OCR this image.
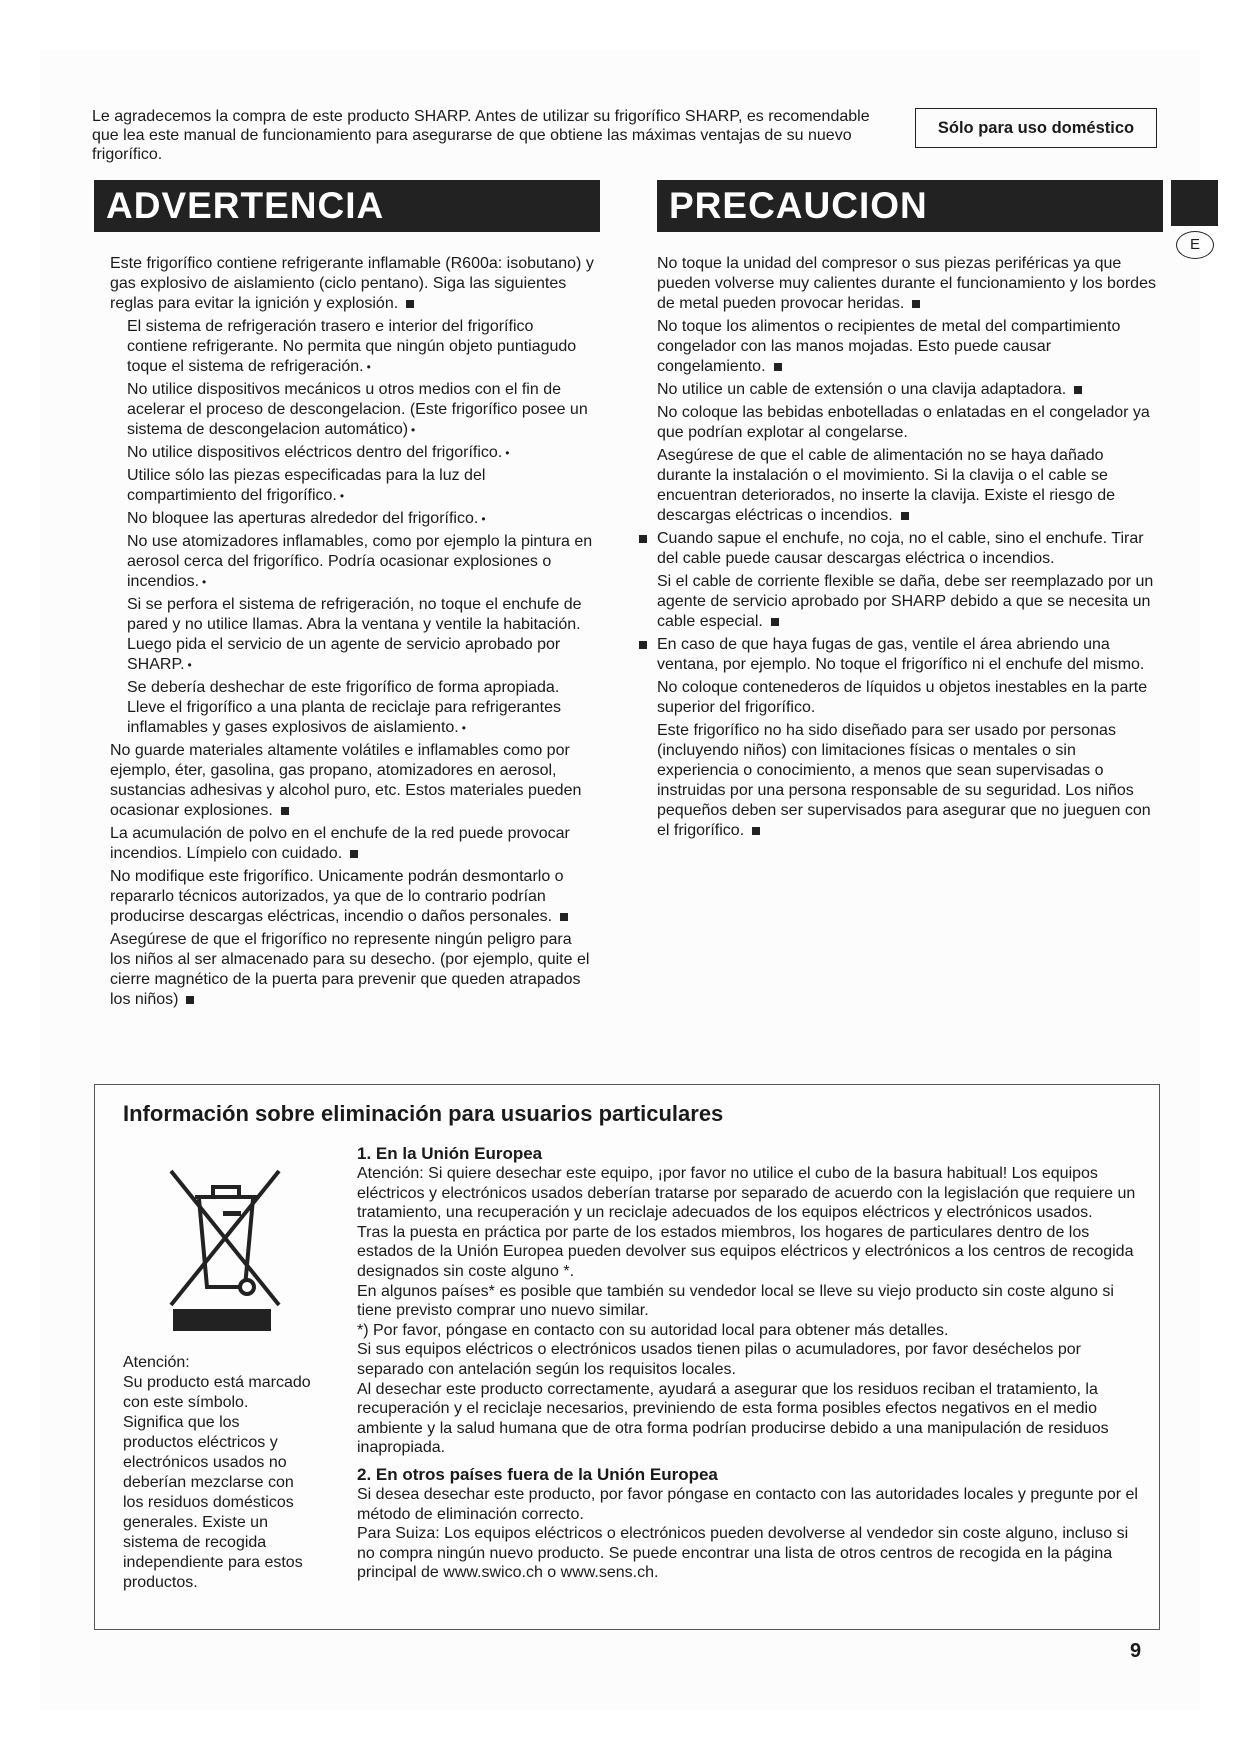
Le agradecemos la compra de este producto SHARP. Antes de utilizar su frigorífico SHARP, es recomendable que lea este manual de funcionamiento para asegurarse de que obtiene las máximas ventajas de su nuevo frigorífico.
Sólo para uso doméstico
ADVERTENCIA	PRECAUCION
E
Este frigorífico contiene refrigerante inflamable (R600a: isobutano) y gas explosivo de aislamiento (ciclo pentano). Siga las siguientes reglas para evitar la ignición y explosión.
El sistema de refrigeración trasero e interior del frigorífico contiene refrigerante. No permita que ningún objeto puntiagudo toque el sistema de refrigeración. •
No utilice dispositivos mecánicos u otros medios con el fin de acelerar el proceso de descongelacion. (Este frigorífico posee un sistema de descongelacion automático) •
No utilice dispositivos eléctricos dentro del frigorífico. •
Utilice sólo las piezas especificadas para la luz del compartimiento del frigorífico. •
No bloquee las aperturas alrededor del frigorífico. •
No use atomizadores inflamables, como por ejemplo la pintura en aerosol cerca del frigorífico. Podría ocasionar explosiones o incendios. •
Si se perfora el sistema de refrigeración, no toque el enchufe de pared y no utilice llamas. Abra la ventana y ventile la habitación. Luego pida el servicio de un agente de servicio aprobado por SHARP. •
Se debería deshechar de este frigorífico de forma apropiada. Lleve el frigorífico a una planta de reciclaje para refrigerantes inflamables y gases explosivos de aislamiento. •
No guarde materiales altamente volátiles e inflamables como por ejemplo, éter, gasolina, gas propano, atomizadores en aerosol, sustancias adhesivas y alcohol puro, etc. Estos materiales pueden ocasionar explosiones.
La acumulación de polvo en el enchufe de la red puede provocar incendios. Límpielo con cuidado.
No modifique este frigorífico. Unicamente podrán desmontarlo o repararlo técnicos autorizados, ya que de lo contrario podrían producirse descargas eléctricas, incendio o daños personales.
Asegúrese de que el frigorífico no represente ningún peligro para los niños al ser almacenado para su desecho. (por ejemplo, quite el cierre magnético de la puerta para prevenir que queden atrapados los niños)
No toque la unidad del compresor o sus piezas periféricas ya que pueden volverse muy calientes durante el funcionamiento y los bordes de metal pueden provocar heridas.
No toque los alimentos o recipientes de metal del compartimiento congelador con las manos mojadas. Esto puede causar congelamiento.
No utilice un cable de extensión o una clavija adaptadora.
No coloque las bebidas enbotelladas o enlatadas en el congelador ya que podrían explotar al congelarse.
Asegúrese de que el cable de alimentación no se haya dañado durante la instalación o el movimiento. Si la clavija o el cable se encuentran deteriorados, no inserte la clavija. Existe el riesgo de descargas eléctricas o incendios.
Cuando sapue el enchufe, no coja, no el cable, sino el enchufe. Tirar del cable puede causar descargas eléctrica o incendios.
Si el cable de corriente flexible se daña, debe ser reemplazado por un agente de servicio aprobado por SHARP debido a que se necesita un cable especial.
En caso de que haya fugas de gas, ventile el área abriendo una ventana, por ejemplo. No toque el frigorífico ni el enchufe del mismo.
No coloque contenederos de líquidos u objetos inestables en la parte superior del frigorífico.
Este frigorífico no ha sido diseñado para ser usado por personas (incluyendo niños) con limitaciones físicas o mentales o sin experiencia o conocimiento, a menos que sean supervisadas o instruidas por una persona responsable de su seguridad. Los niños pequeños deben ser supervisados para asegurar que no jueguen con el frigorífico.
Información sobre eliminación para usuarios particulares
Atención:
Su producto está marcado con este símbolo. Significa que los productos eléctricos y electrónicos usados no deberían mezclarse con los residuos domésticos generales. Existe un sistema de recogida independiente para estos productos.
1. En la Unión Europea

Atención: Si quiere desechar este equipo, ¡por favor no utilice el cubo de la basura habitual! Los equipos eléctricos y electrónicos usados deberían tratarse por separado de acuerdo con la legislación que requiere un tratamiento, una recuperación y un reciclaje adecuados de los equipos eléctricos y electrónicos usados.

Tras la puesta en práctica por parte de los estados miembros, los hogares de particulares dentro de los estados de la Unión Europea pueden devolver sus equipos eléctricos y electrónicos a los centros de recogida designados sin coste alguno *.

En algunos países* es posible que también su vendedor local se lleve su viejo producto sin coste alguno si tiene previsto comprar uno nuevo similar.

*) Por favor, póngase en contacto con su autoridad local para obtener más detalles.

Si sus equipos eléctricos o electrónicos usados tienen pilas o acumuladores, por favor deséchelos por separado con antelación según los requisitos locales.

Al desechar este producto correctamente, ayudará a asegurar que los residuos reciban el tratamiento, la recuperación y el reciclaje necesarios, previniendo de esta forma posibles efectos negativos en el medio ambiente y la salud humana que de otra forma podrían producirse debido a una manipulación de residuos inapropiada.

2. En otros países fuera de la Unión Europea

Si desea desechar este producto, por favor póngase en contacto con las autoridades locales y pregunte por el método de eliminación correcto.

Para Suiza: Los equipos eléctricos o electrónicos pueden devolverse al vendedor sin coste alguno, incluso si no compra ningún nuevo producto. Se puede encontrar una lista de otros centros de recogida en la página principal de www.swico.ch o www.sens.ch.

9
